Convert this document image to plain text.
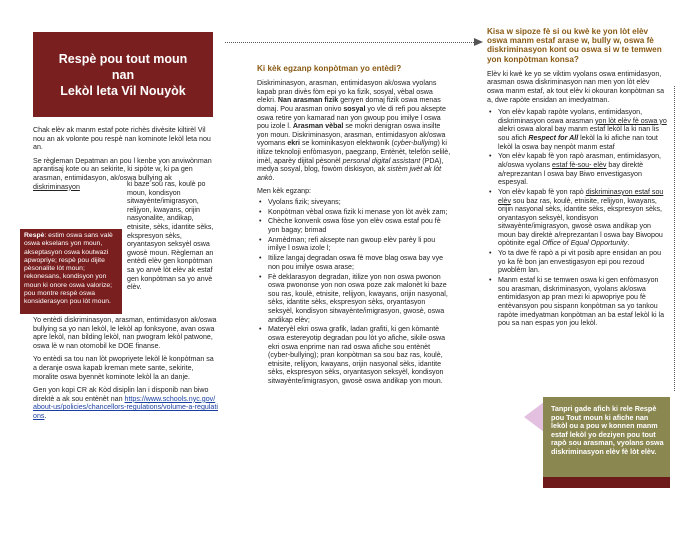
Respè pou tout moun
nan
Lekòl leta Vil Nouyòk

Chak elèv ak manm estaf pote richès divèsite kiltirèl Vil nou an ak volonte pou respè nan kominote lekòl leta nou an.

Se règleman Depatman an pou l kenbe yon anviwònman aprantisaj kote ou an sekirite, ki sipòte w, ki pa gen arasman, entimidasyon, ak/oswa bullying ak diskriminasyon	ki baze sou ras, koulè po moun, kondisyon sitwayènte/imigrasyon, relijyon, kwayans, orijin nasyonalite, andikap, etnisite, sèks, idantite sèks, ekspresyon sèks, oryantasyon seksyèl oswa gwosè moun. Règleman an entèdi elèv gen konpòtman sa yo anvè lòt elèv ak estaf gen konpòtman sa yo anvè elèv.

Respè: estim oswa sans valè oswa ekselans yon moun, akseptasyon oswa koutwazi apwopriye; respè pou dijite pèsonalite lòt moun; rekonesans, kondisyon yon moun ki onore oswa valorize; pou montre respè oswa konsiderasyon pou lòt moun.

Yo entèdi diskriminasyon, arasman, entimidasyon ak/oswa bullying sa yo nan lekòl, le lekòl ap fonksyone, avan oswa apre lekòl, nan bilding lekòl, nan pwogram lekòl patwone, oswa lè w nan otomobil ke DOE finanse.

Yo entèdi sa tou nan lòt pwopriyete lekòl lè konpòtman sa a deranje oswa kapab kreman mete sante, sekirite, moralite oswa byennèt kominote lekòl la an danje.

Gen yon kopi CR ak Kòd disiplin lan i disponib nan biwo direktè a ak sou entènèt nan https://www.schools.nyc.gov/about-us/policies/chancellors-regulations/volume-a-regulations.

Ki kèk egzanp konpòtman yo entèdi?

Diskriminasyon, arasman, entimidasyon ak/oswa vyolans kapab pran divès fòm epi yo ka fizik, sosyal, vèbal oswa elekri. Nan arasman fizik genyen domaj fizik oswa menas domaj. Pou arasman onivo sosyal yo vle di refi pou aksepte oswa retire yon kamarad nan yon gwoup pou imilye l oswa pou izole l. Arasman vèbal se mokri denigran oswa insilte yon moun. Diskriminasyon, arasman, entimidasyon ak/oswa vyomans ekri se kominikasyon elektwonik (cyber-bullying) ki itilize teknoloji enfòmasyon, paegzanp, Entènèt, telefòn selilè, imèl, aparèy dijital pèsonèl personal digital assistant (PDA), medya sosyal, blog, fowòm diskisyon, ak sistèm jwèt ak lòt ankò.

Men kèk egzanp:

• Vyolans fizik; siveyans;
• Konpòtman vèbal oswa fizik ki menase yon lòt avèk zam;
• Chèche konvenk oswa fòse yon elèv oswa estaf pou fè yon bagay; brimad
• Anmèdman; refi aksepte nan gwoup elèv parèy li pou imilye l oswa izole l;
• Itilize langaj degradan oswa fè move blag oswa bay vye non pou imilye oswa arase;
• Fè deklarasyon degradan, itilize yon non oswa pwonon oswa pwononse yon non oswa poze zak malonèt ki baze sou ras, koulè, etnisite, relijyon, kwayans, orijin nasyonal, sèks, idantite sèks, ekspresyon sèks, oryantasyon seksyèl, kondisyon sitwayènte/imigrasyon, gwosè, oswa andikap elèv;
• Materyèl ekri oswa grafik, ladan grafiti, ki gen kòmantè oswa estereyotip degradan pou lòt yo afiche, sikile oswa ekri oswa enprime nan rad oswa afiche sou entènèt (cyber-bullying); pran konpòtman sa sou baz ras, koulè, etnisite, relijyon, kwayans, orijin nasyonal sèks, idantite sèks, ekspresyon sèks, oryantasyon seksyèl, kondisyon sitwayènte/imigrasyon, gwosè oswa andikap yon moun.

Kisa w sipoze fè si ou kwè ke yon lòt elèv oswa manm estaf arase w, bully w, oswa fè diskriminasyon kont ou oswa si w te temwen yon konpòtman konsa?

Elèv ki kwè ke yo se viktim vyolans oswa entimidasyon, arasman oswa diskriminasyon nan men yon lòt elèv oswa manm estaf, ak tout elèv ki okouran konpòtman sa a, dwe rapòte ensidan an imedyatman.

• Yon elèv kapab rapòte vyolans, entimidasyon, diskriminasyon oswa arasman yon lòt elèv fè oswa yo alekri oswa aloral bay manm estaf lekòl la ki nan lis sou afich Respect for All lekòl la ki afiche nan tout lekòl la oswa bay nenpòt manm estaf
• Yon elèv kapab fè yon rapò arasman, entimidasyon, ak/oswa vyolans estaf fè-sou- elèv bay direktè a/reprezantan l oswa bay Biwo envestigasyon espesyal.
• Yon elèv kapab fè yon rapò diskriminasyon estaf sou elèv sou baz ras, koulè, etnisite, relijyon, kwayans, orijin nasyonal sèks, idantite sèks, ekspresyon sèks, oryantasyon seksyèl, kondisyon sitwayènte/imigrasyon, gwosè oswa andikap yon moun bay direktè a/reprezantan l oswa bay Biwopou opòtinite egal Office of Equal Opportunity.
• Yo ta dwe fè rapò a pi vit posib apre ensidan an pou yo ka fè bon jan envestigasyon epi pou rezoud pwoblèm lan.
• Manm estaf ki se temwen oswa ki gen enfòmasyon sou arasman, diskriminasyon, vyolans ak/oswa entimidasyon ap pran mezi ki apwopriye pou fè entèvansyon pou sispann konpòtman sa yo tankou rapòte imedyatman konpòtman an ba estaf lekòl ki la pou sa nan espas yon jou lekòl.
Tanpri gade afich ki rele Respè pou Tout moun ki afiche nan lekòl ou a pou w konnen manm estaf lekòl yo deziyen pou tout rapò sou arasman, vyolans oswa diskriminasyon elèv fè lòt elèv.
